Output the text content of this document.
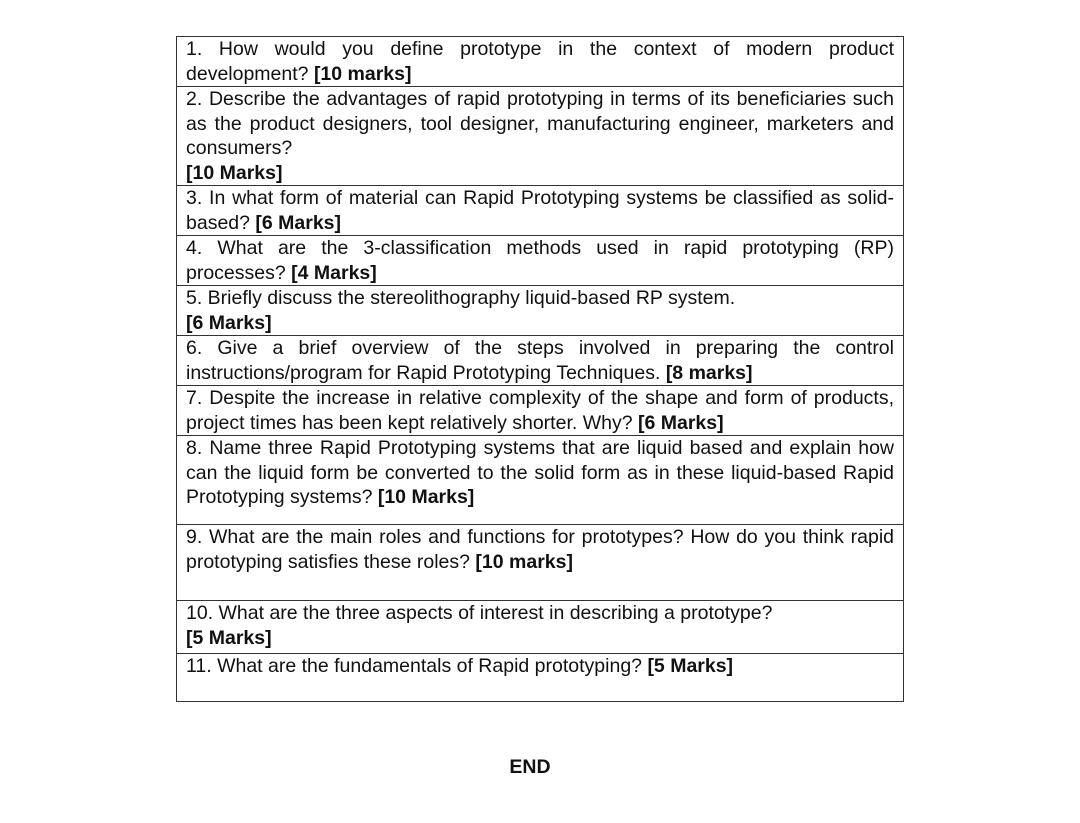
1. How would you define prototype in the context of modern product development? [10 marks]
2. Describe the advantages of rapid prototyping in terms of its beneficiaries such as the product designers, tool designer, manufacturing engineer, marketers and consumers?
[10 Marks]

3. In what form of material can Rapid Prototyping systems be classified as solid-based? [6 Marks]
4. What are the 3-classification methods used in rapid prototyping (RP) processes? [4 Marks]
5. Briefly discuss the stereolithography liquid-based RP system.
[6 Marks]

6. Give a brief overview of the steps involved in preparing the control instructions/program for Rapid Prototyping Techniques. [8 marks]
7. Despite the increase in relative complexity of the shape and form of products, project times has been kept relatively shorter. Why? [6 Marks]
8. Name three Rapid Prototyping systems that are liquid based and explain how can the liquid form be converted to the solid form as in these liquid-based Rapid Prototyping systems? [10 Marks]
9. What are the main roles and functions for prototypes? How do you think rapid prototyping satisfies these roles? [10 marks]
10. What are the three aspects of interest in describing a prototype?
[5 Marks]

11. What are the fundamentals of Rapid prototyping? [5 Marks]
END
